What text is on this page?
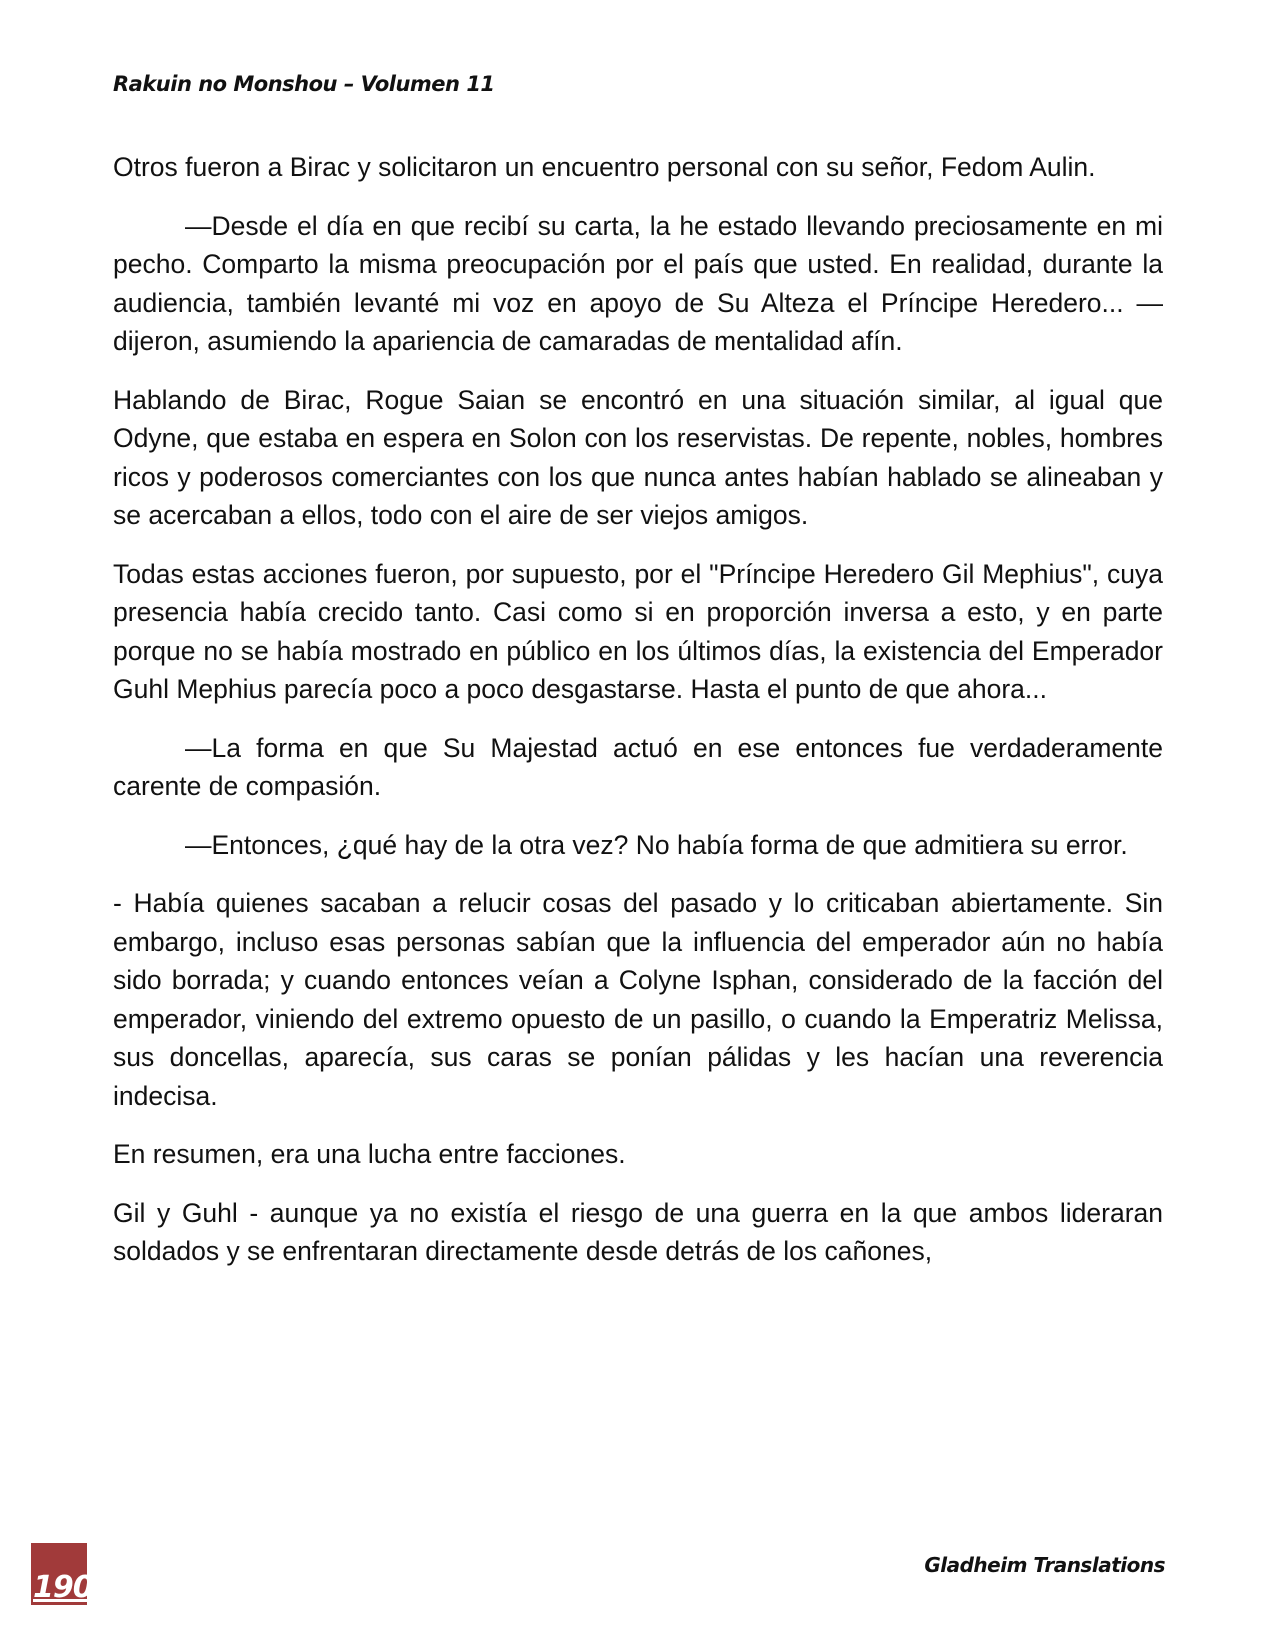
Rakuin no Monshou – Volumen 11

Otros fueron a Birac y solicitaron un encuentro personal con su señor, Fedom Aulin.

—Desde el día en que recibí su carta, la he estado llevando preciosamente en mi pecho. Comparto la misma preocupación por el país que usted. En realidad, durante la audiencia, también levanté mi voz en apoyo de Su Alteza el Príncipe Heredero... —dijeron, asumiendo la apariencia de camaradas de mentalidad afín.

Hablando de Birac, Rogue Saian se encontró en una situación similar, al igual que Odyne, que estaba en espera en Solon con los reservistas. De repente, nobles, hombres ricos y poderosos comerciantes con los que nunca antes habían hablado se alineaban y se acercaban a ellos, todo con el aire de ser viejos amigos.

Todas estas acciones fueron, por supuesto, por el "Príncipe Heredero Gil Mephius", cuya presencia había crecido tanto. Casi como si en proporción inversa a esto, y en parte porque no se había mostrado en público en los últimos días, la existencia del Emperador Guhl Mephius parecía poco a poco desgastarse. Hasta el punto de que ahora...

—La forma en que Su Majestad actuó en ese entonces fue verdaderamente carente de compasión.

—Entonces, ¿qué hay de la otra vez? No había forma de que admitiera su error.

- Había quienes sacaban a relucir cosas del pasado y lo criticaban abiertamente. Sin embargo, incluso esas personas sabían que la influencia del emperador aún no había sido borrada; y cuando entonces veían a Colyne Isphan, considerado de la facción del emperador, viniendo del extremo opuesto de un pasillo, o cuando la Emperatriz Melissa, sus doncellas, aparecía, sus caras se ponían pálidas y les hacían una reverencia indecisa.

En resumen, era una lucha entre facciones.

Gil y Guhl - aunque ya no existía el riesgo de una guerra en la que ambos lideraran soldados y se enfrentaran directamente desde detrás de los cañones,

190
Gladheim Translations
